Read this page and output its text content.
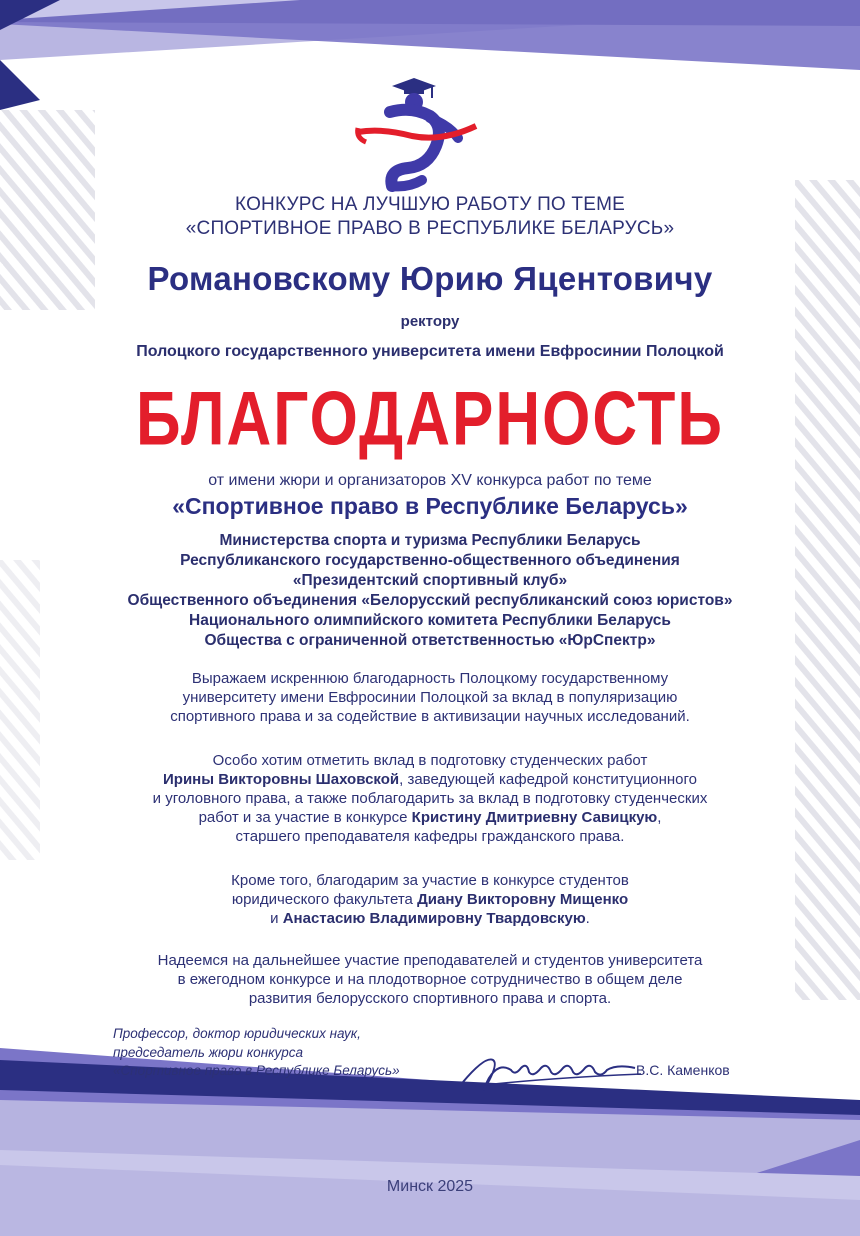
КОНКУРС НА ЛУЧШУЮ РАБОТУ ПО ТЕМЕ
«СПОРТИВНОЕ ПРАВО В РЕСПУБЛИКЕ БЕЛАРУСЬ»
Романовскому Юрию Яцентовичу
ректору
Полоцкого государственного университета имени Евфросинии Полоцкой
БЛАГОДАРНОСТЬ
от имени жюри и организаторов XV конкурса работ по теме
«Спортивное право в Республике Беларусь»
Министерства спорта и туризма Республики Беларусь
Республиканского государственно-общественного объединения
«Президентский спортивный клуб»
Общественного объединения «Белорусский республиканский союз юристов»
Национального олимпийского комитета Республики Беларусь
Общества с ограниченной ответственностью «ЮрСпектр»
Выражаем искреннюю благодарность Полоцкому государственному
университету имени Евфросинии Полоцкой за вклад в популяризацию
спортивного права и за содействие в активизации научных исследований.
Особо хотим отметить вклад в подготовку студенческих работ
Ирины Викторовны Шаховской, заведующей кафедрой конституционного
и уголовного права, а также поблагодарить за вклад в подготовку студенческих
работ и за участие в конкурсе Кристину Дмитриевну Савицкую,
старшего преподавателя кафедры гражданского права.
Кроме того, благодарим за участие в конкурсе студентов
юридического факультета Диану Викторовну Мищенко
и Анастасию Владимировну Твардовскую.
Надеемся на дальнейшее участие преподавателей и студентов университета
в ежегодном конкурсе и на плодотворное сотрудничество в общем деле
развития белорусского спортивного права и спорта.
Профессор, доктор юридических наук,
председатель жюри конкурса
«Спортивное право в Республике Беларусь»	В.С. Каменков
Минск 2025
